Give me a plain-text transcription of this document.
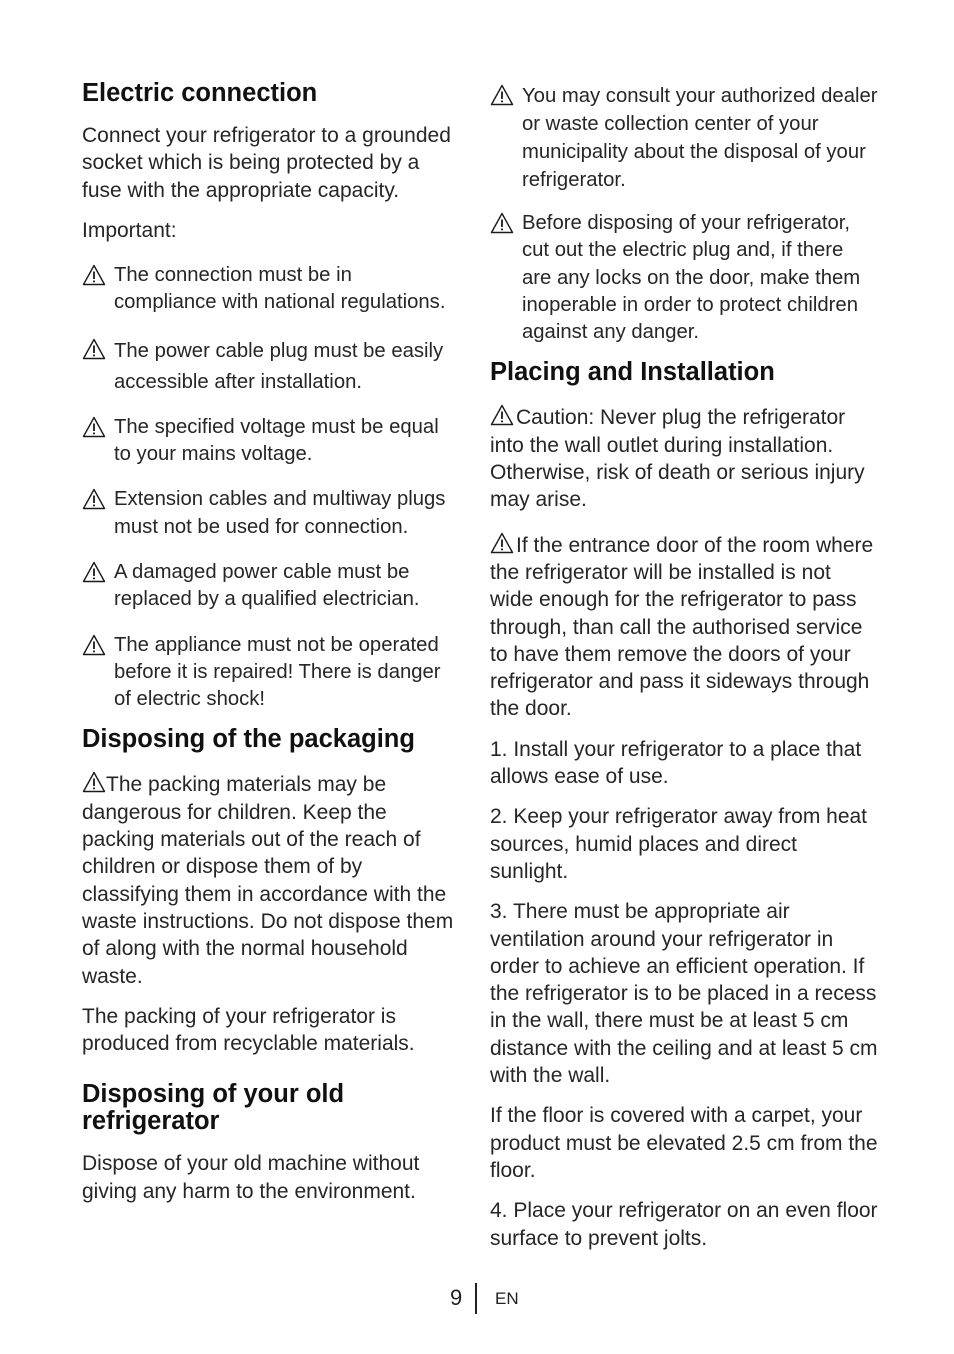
Electric connection

Connect your refrigerator to a grounded socket which is being protected by a fuse with the appropriate capacity.

Important:

The connection must be in compliance with national regulations.
The power cable plug must be easily accessible after installation.
The specified voltage must be equal to your mains voltage.
Extension cables and multiway plugs must not be used for connection.
A damaged power cable must be replaced by a qualified electrician.
The appliance must not be operated before it is repaired! There is danger of electric shock!
Disposing of the packaging

The packing materials may be dangerous for children. Keep the packing materials out of the reach of children or dispose them of by classifying them in accordance with the waste instructions. Do not dispose them of along with the normal household waste.

The packing of your refrigerator is produced from recyclable materials.

Disposing of your old refrigerator

Dispose of your old machine without giving any harm to the environment.

You may consult your authorized dealer or waste collection center of your municipality about the disposal of your refrigerator.
Before disposing of your refrigerator, cut out the electric plug and, if there are any locks on the door, make them inoperable in order to protect children against any danger.
Placing and Installation

Caution: Never plug the refrigerator into the wall outlet during installation. Otherwise, risk of death or serious injury may arise.

If the entrance door of the room where the refrigerator will be installed is not wide enough for the refrigerator to pass through, than call the authorised service to have them remove the doors of your refrigerator and pass it sideways through the door.

1. Install your refrigerator to a place that allows ease of use.

2. Keep your refrigerator away from heat sources, humid places and direct sunlight.

3. There must be appropriate air ventilation around your refrigerator in order to achieve an efficient operation. If the refrigerator is to be placed in a recess in the wall, there must be at least 5 cm distance with the ceiling and at least 5 cm with the wall.

If the floor is covered with a carpet, your product must be elevated 2.5 cm from the floor.

4. Place your refrigerator on an even floor surface to prevent jolts.

9 EN
